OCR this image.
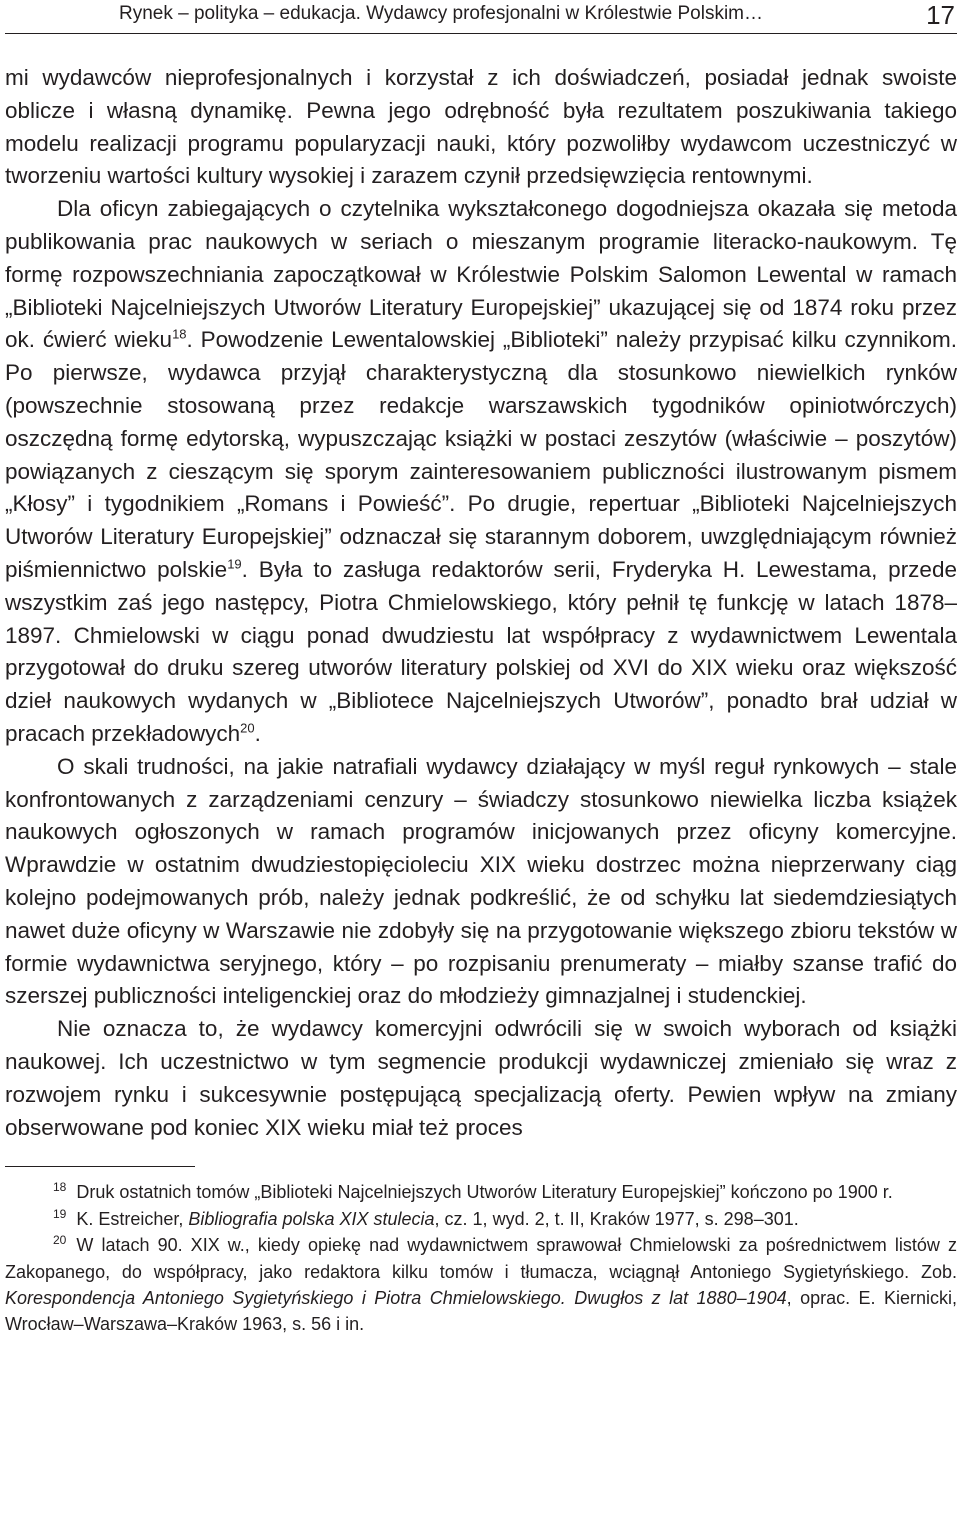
Rynek – polityka – edukacja. Wydawcy profesjonalni w Królestwie Polskim…	17

mi wydawców nieprofesjonalnych i korzystał z ich doświadczeń, posiadał jednak swoiste oblicze i własną dynamikę. Pewna jego odrębność była rezultatem poszukiwania takiego modelu realizacji programu popularyzacji nauki, który pozwoliłby wydawcom uczestniczyć w tworzeniu wartości kultury wysokiej i zarazem czynił przedsięwzięcia rentownymi.

Dla oficyn zabiegających o czytelnika wykształconego dogodniejsza okazała się metoda publikowania prac naukowych w seriach o mieszanym programie literacko-naukowym. Tę formę rozpowszechniania zapoczątkował w Królestwie Polskim Salomon Lewental w ramach „Biblioteki Najcelniejszych Utworów Literatury Europejskiej” ukazującej się od 1874 roku przez ok. ćwierć wieku$^{18}$. Powodzenie Lewentalowskiej „Biblioteki” należy przypisać kilku czynnikom. Po pierwsze, wydawca przyjął charakterystyczną dla stosunkowo niewielkich rynków (powszechnie stosowaną przez redakcje warszawskich tygodników opiniotwórczych) oszczędną formę edytorską, wypuszczając książki w postaci zeszytów (właściwie – poszytów) powiązanych z cieszącym się sporym zainteresowaniem publiczności ilustrowanym pismem „Kłosy” i tygodnikiem „Romans i Powieść”. Po drugie, repertuar „Biblioteki Najcelniejszych Utworów Literatury Europejskiej” odznaczał się starannym doborem, uwzględniającym również piśmiennictwo polskie$^{19}$. Była to zasługa redaktorów serii, Fryderyka H. Lewestama, przede wszystkim zaś jego następcy, Piotra Chmielowskiego, który pełnił tę funkcję w latach 1878–1897. Chmielowski w ciągu ponad dwudziestu lat współpracy z wydawnictwem Lewentala przygotował do druku szereg utworów literatury polskiej od XVI do XIX wieku oraz większość dzieł naukowych wydanych w „Bibliotece Najcelniejszych Utworów”, ponadto brał udział w pracach przekładowych$^{20}$.

O skali trudności, na jakie natrafiali wydawcy działający w myśl reguł rynkowych – stale konfrontowanych z zarządzeniami cenzury – świadczy stosunkowo niewielka liczba książek naukowych ogłoszonych w ramach programów inicjowanych przez oficyny komercyjne. Wprawdzie w ostatnim dwudziestopięcioleciu XIX wieku dostrzec można nieprzerwany ciąg kolejno podejmowanych prób, należy jednak podkreślić, że od schyłku lat siedemdziesiątych nawet duże oficyny w Warszawie nie zdobyły się na przygotowanie większego zbioru tekstów w formie wydawnictwa seryjnego, który – po rozpisaniu prenumeraty – miałby szanse trafić do szerszej publiczności inteligenckiej oraz do młodzieży gimnazjalnej i studenckiej.

Nie oznacza to, że wydawcy komercyjni odwrócili się w swoich wyborach od książki naukowej. Ich uczestnictwo w tym segmencie produkcji wydawniczej zmieniało się wraz z rozwojem rynku i sukcesywnie postępującą specjalizacją oferty. Pewien wpływ na zmiany obserwowane pod koniec XIX wieku miał też proces

$^{18}$ Druk ostatnich tomów „Biblioteki Najcelniejszych Utworów Literatury Europejskiej” kończono po 1900 r.

$^{19}$ K. Estreicher, Bibliografia polska XIX stulecia, cz. 1, wyd. 2, t. II, Kraków 1977, s. 298–301.

$^{20}$ W latach 90. XIX w., kiedy opiekę nad wydawnictwem sprawował Chmielowski za pośrednictwem listów z Zakopanego, do współpracy, jako redaktora kilku tomów i tłumacza, wciągnął Antoniego Sygietyńskiego. Zob. Korespondencja Antoniego Sygietyńskiego i Piotra Chmielowskiego. Dwugłos z lat 1880–1904, oprac. E. Kiernicki, Wrocław–Warszawa–Kraków 1963, s. 56 i in.
